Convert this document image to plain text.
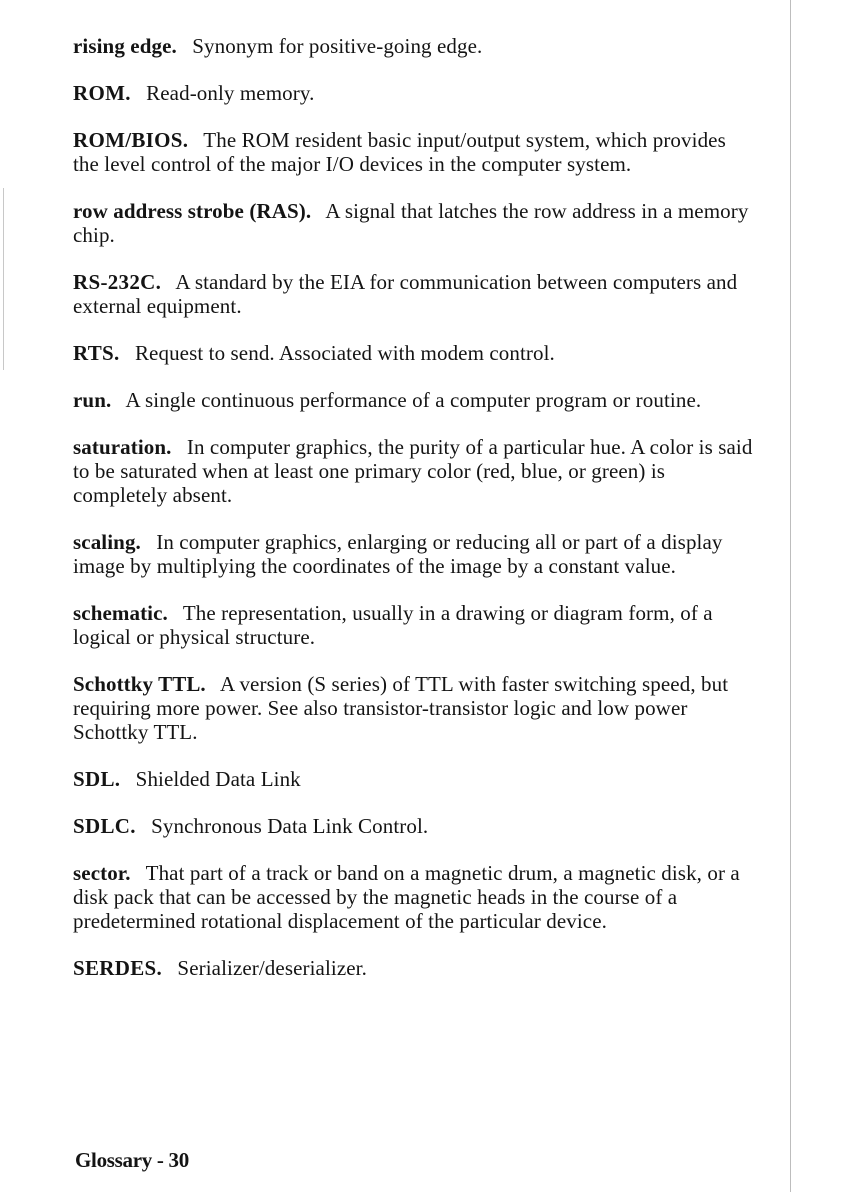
rising edge. Synonym for positive-going edge.

ROM. Read-only memory.

ROM/BIOS. The ROM resident basic input/output system, which provides the level control of the major I/O devices in the computer system.

row address strobe (RAS). A signal that latches the row address in a memory chip.

RS-232C. A standard by the EIA for communication between computers and external equipment.

RTS. Request to send. Associated with modem control.

run. A single continuous performance of a computer program or routine.

saturation. In computer graphics, the purity of a particular hue. A color is said to be saturated when at least one primary color (red, blue, or green) is completely absent.

scaling. In computer graphics, enlarging or reducing all or part of a display image by multiplying the coordinates of the image by a constant value.

schematic. The representation, usually in a drawing or diagram form, of a logical or physical structure.

Schottky TTL. A version (S series) of TTL with faster switching speed, but requiring more power. See also transistor-transistor logic and low power Schottky TTL.

SDL. Shielded Data Link

SDLC. Synchronous Data Link Control.

sector. That part of a track or band on a magnetic drum, a magnetic disk, or a disk pack that can be accessed by the magnetic heads in the course of a predetermined rotational displacement of the particular device.

SERDES. Serializer/deserializer.

Glossary - 30
